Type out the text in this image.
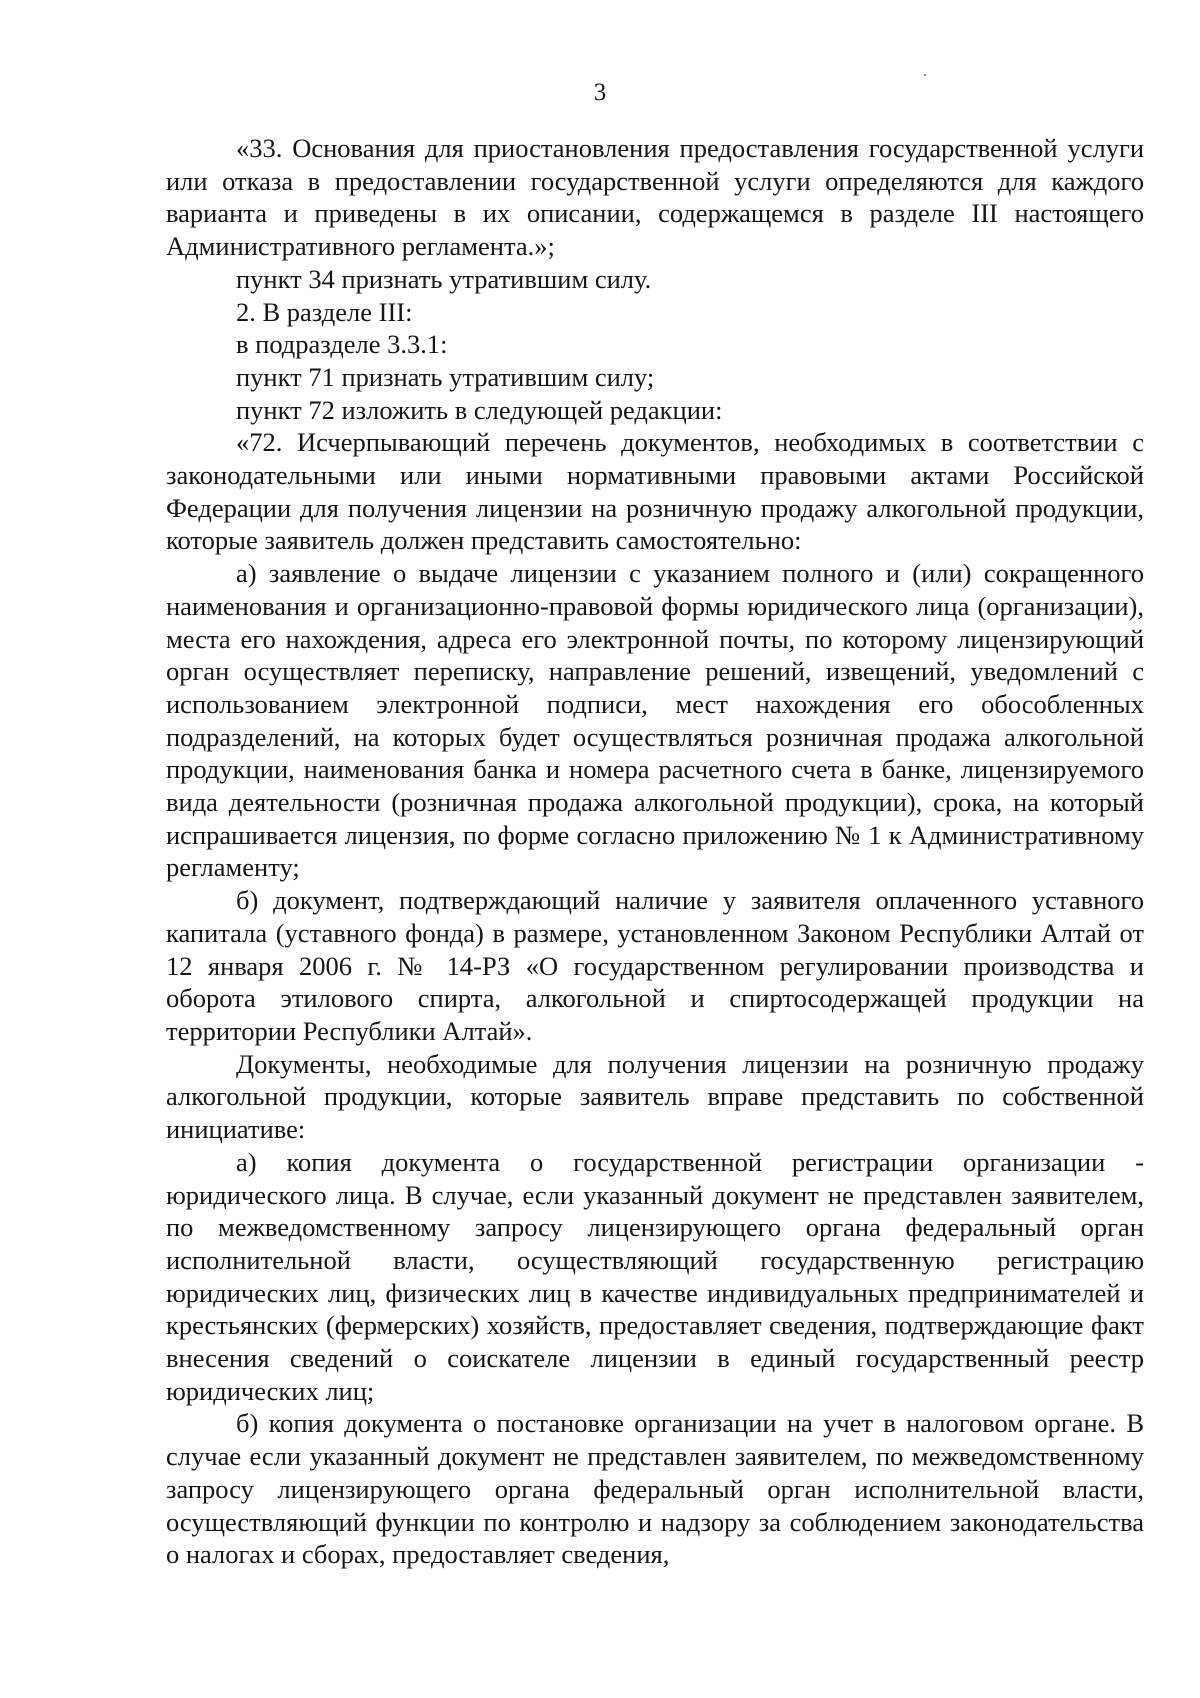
3

«33. Основания для приостановления предоставления государственной услуги или отказа в предоставлении государственной услуги определяются для каждого варианта и приведены в их описании, содержащемся в разделе III настоящего Административного регламента.»;

пункт 34 признать утратившим силу.

2. В разделе III:

в подразделе 3.3.1:

пункт 71 признать утратившим силу;

пункт 72 изложить в следующей редакции:

«72. Исчерпывающий перечень документов, необходимых в соответствии с законодательными или иными нормативными правовыми актами Российской Федерации для получения лицензии на розничную продажу алкогольной продукции, которые заявитель должен представить самостоятельно:

а) заявление о выдаче лицензии с указанием полного и (или) сокращенного наименования и организационно-правовой формы юридического лица (организации), места его нахождения, адреса его электронной почты, по которому лицензирующий орган осуществляет переписку, направление решений, извещений, уведомлений с использованием электронной подписи, мест нахождения его обособленных подразделений, на которых будет осуществляться розничная продажа алкогольной продукции, наименования банка и номера расчетного счета в банке, лицензируемого вида деятельности (розничная продажа алкогольной продукции), срока, на который испрашивается лицензия, по форме согласно приложению № 1 к Административному регламенту;

б) документ, подтверждающий наличие у заявителя оплаченного уставного капитала (уставного фонда) в размере, установленном Законом Республики Алтай от 12 января 2006 г. № 14-РЗ «О государственном регулировании производства и оборота этилового спирта, алкогольной и спиртосодержащей продукции на территории Республики Алтай».

Документы, необходимые для получения лицензии на розничную продажу алкогольной продукции, которые заявитель вправе представить по собственной инициативе:

а) копия документа о государственной регистрации организации - юридического лица. В случае, если указанный документ не представлен заявителем, по межведомственному запросу лицензирующего органа федеральный орган исполнительной власти, осуществляющий государственную регистрацию юридических лиц, физических лиц в качестве индивидуальных предпринимателей и крестьянских (фермерских) хозяйств, предоставляет сведения, подтверждающие факт внесения сведений о соискателе лицензии в единый государственный реестр юридических лиц;

б) копия документа о постановке организации на учет в налоговом органе. В случае если указанный документ не представлен заявителем, по межведомственному запросу лицензирующего органа федеральный орган исполнительной власти, осуществляющий функции по контролю и надзору за соблюдением законодательства о налогах и сборах, предоставляет сведения,
